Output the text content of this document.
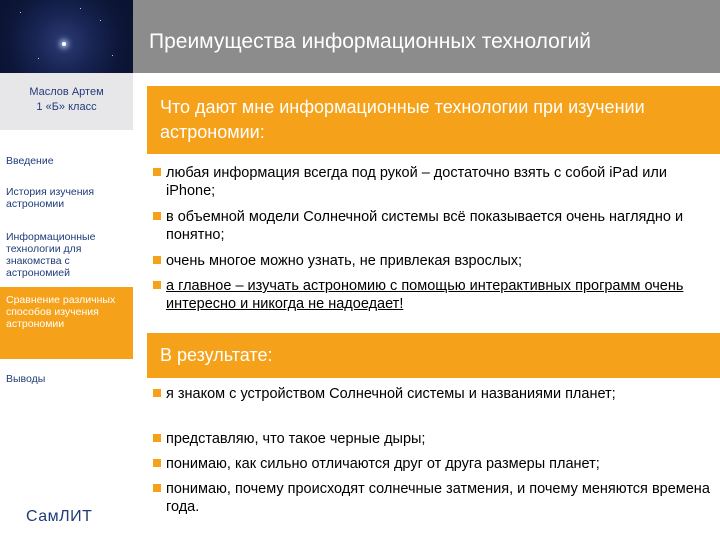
Преимущества информационных технологий
Маслов Артем
1 «Б» класс
Введение
История изучения астрономии
Информационные технологии для знакомства с астрономией
Сравнение различных способов изучения астрономии
Выводы
СамЛИТ
Что дают мне информационные технологии при изучении астрономии:
любая информация всегда под рукой – достаточно взять с собой iPad или iPhone;
в объемной модели Солнечной системы всё показывается очень наглядно и понятно;
очень многое можно узнать, не привлекая взрослых;
а главное – изучать астрономию с помощью интерактивных программ очень интересно и никогда не надоедает!
В результате:
я знаком с устройством Солнечной системы и названиями планет;
представляю, что такое черные дыры;
понимаю, как сильно отличаются друг от друга размеры планет;
понимаю, почему происходят солнечные затмения, и почему меняются времена года.
